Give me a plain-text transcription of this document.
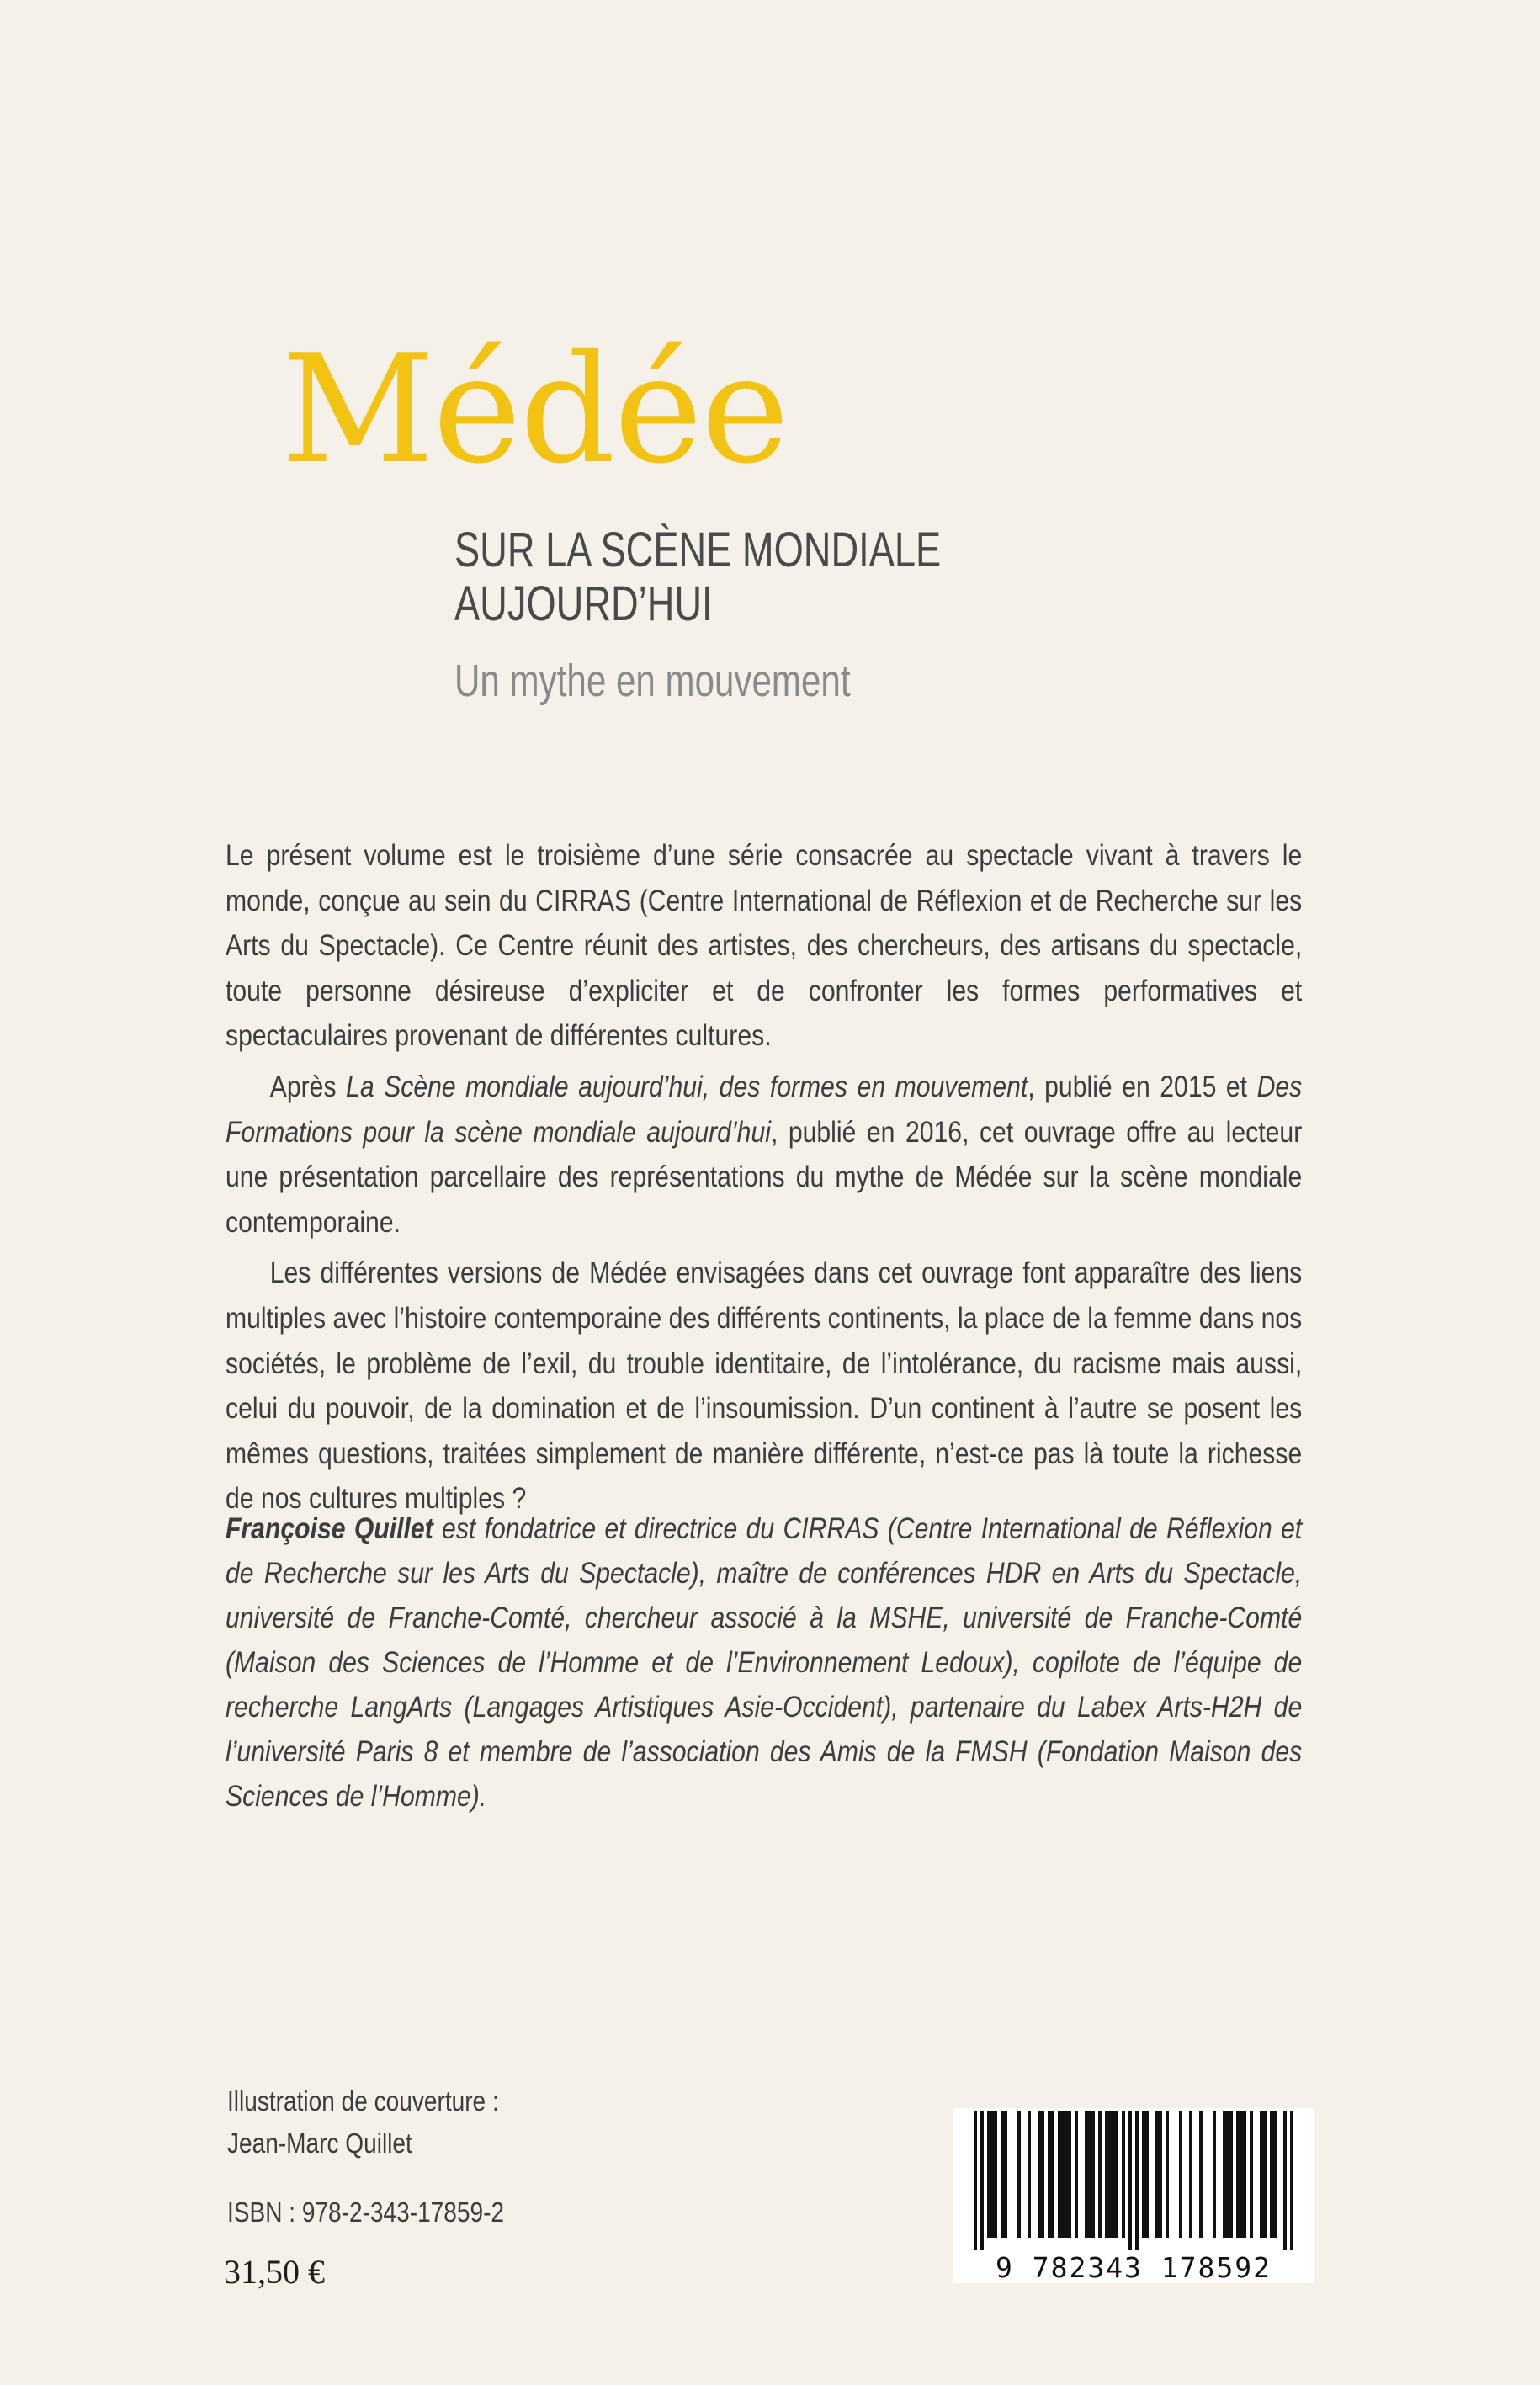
Médée
SUR LA SCÈNE MONDIALE
AUJOURD’HUI
Un mythe en mouvement

Le présent volume est le troisième d’une série consacrée au spectacle vivant à travers le monde, conçue au sein du CIRRAS (Centre International de Réflexion et de Recherche sur les Arts du Spectacle). Ce Centre réunit des artistes, des chercheurs, des artisans du spectacle, toute personne désireuse d’expliciter et de confronter les formes performatives et spectaculaires provenant de différentes cultures.

Après La Scène mondiale aujourd’hui, des formes en mouvement, publié en 2015 et Des Formations pour la scène mondiale aujourd’hui, publié en 2016, cet ouvrage offre au lecteur une présentation parcellaire des représentations du mythe de Médée sur la scène mondiale contemporaine.

Les différentes versions de Médée envisagées dans cet ouvrage font apparaître des liens multiples avec l’histoire contemporaine des différents continents, la place de la femme dans nos sociétés, le problème de l’exil, du trouble identitaire, de l’intolérance, du racisme mais aussi, celui du pouvoir, de la domination et de l’insoumission. D’un continent à l’autre se posent les mêmes questions, traitées simplement de manière différente, n’est-ce pas là toute la richesse de nos cultures multiples ?

Françoise Quillet est fondatrice et directrice du CIRRAS (Centre International de Réflexion et de Recherche sur les Arts du Spectacle), maître de conférences HDR en Arts du Spectacle, université de Franche-Comté, chercheur associé à la MSHE, université de Franche-Comté (Maison des Sciences de l’Homme et de l’Environnement Ledoux), copilote de l’équipe de recherche LangArts (Langages Artistiques Asie-Occident), partenaire du Labex Arts-H2H de l’université Paris 8 et membre de l’association des Amis de la FMSH (Fondation Maison des Sciences de l’Homme).
Illustration de couverture :
Jean-Marc Quillet
ISBN : 978-2-343-17859-2
31,50 €	9 782343 178592
